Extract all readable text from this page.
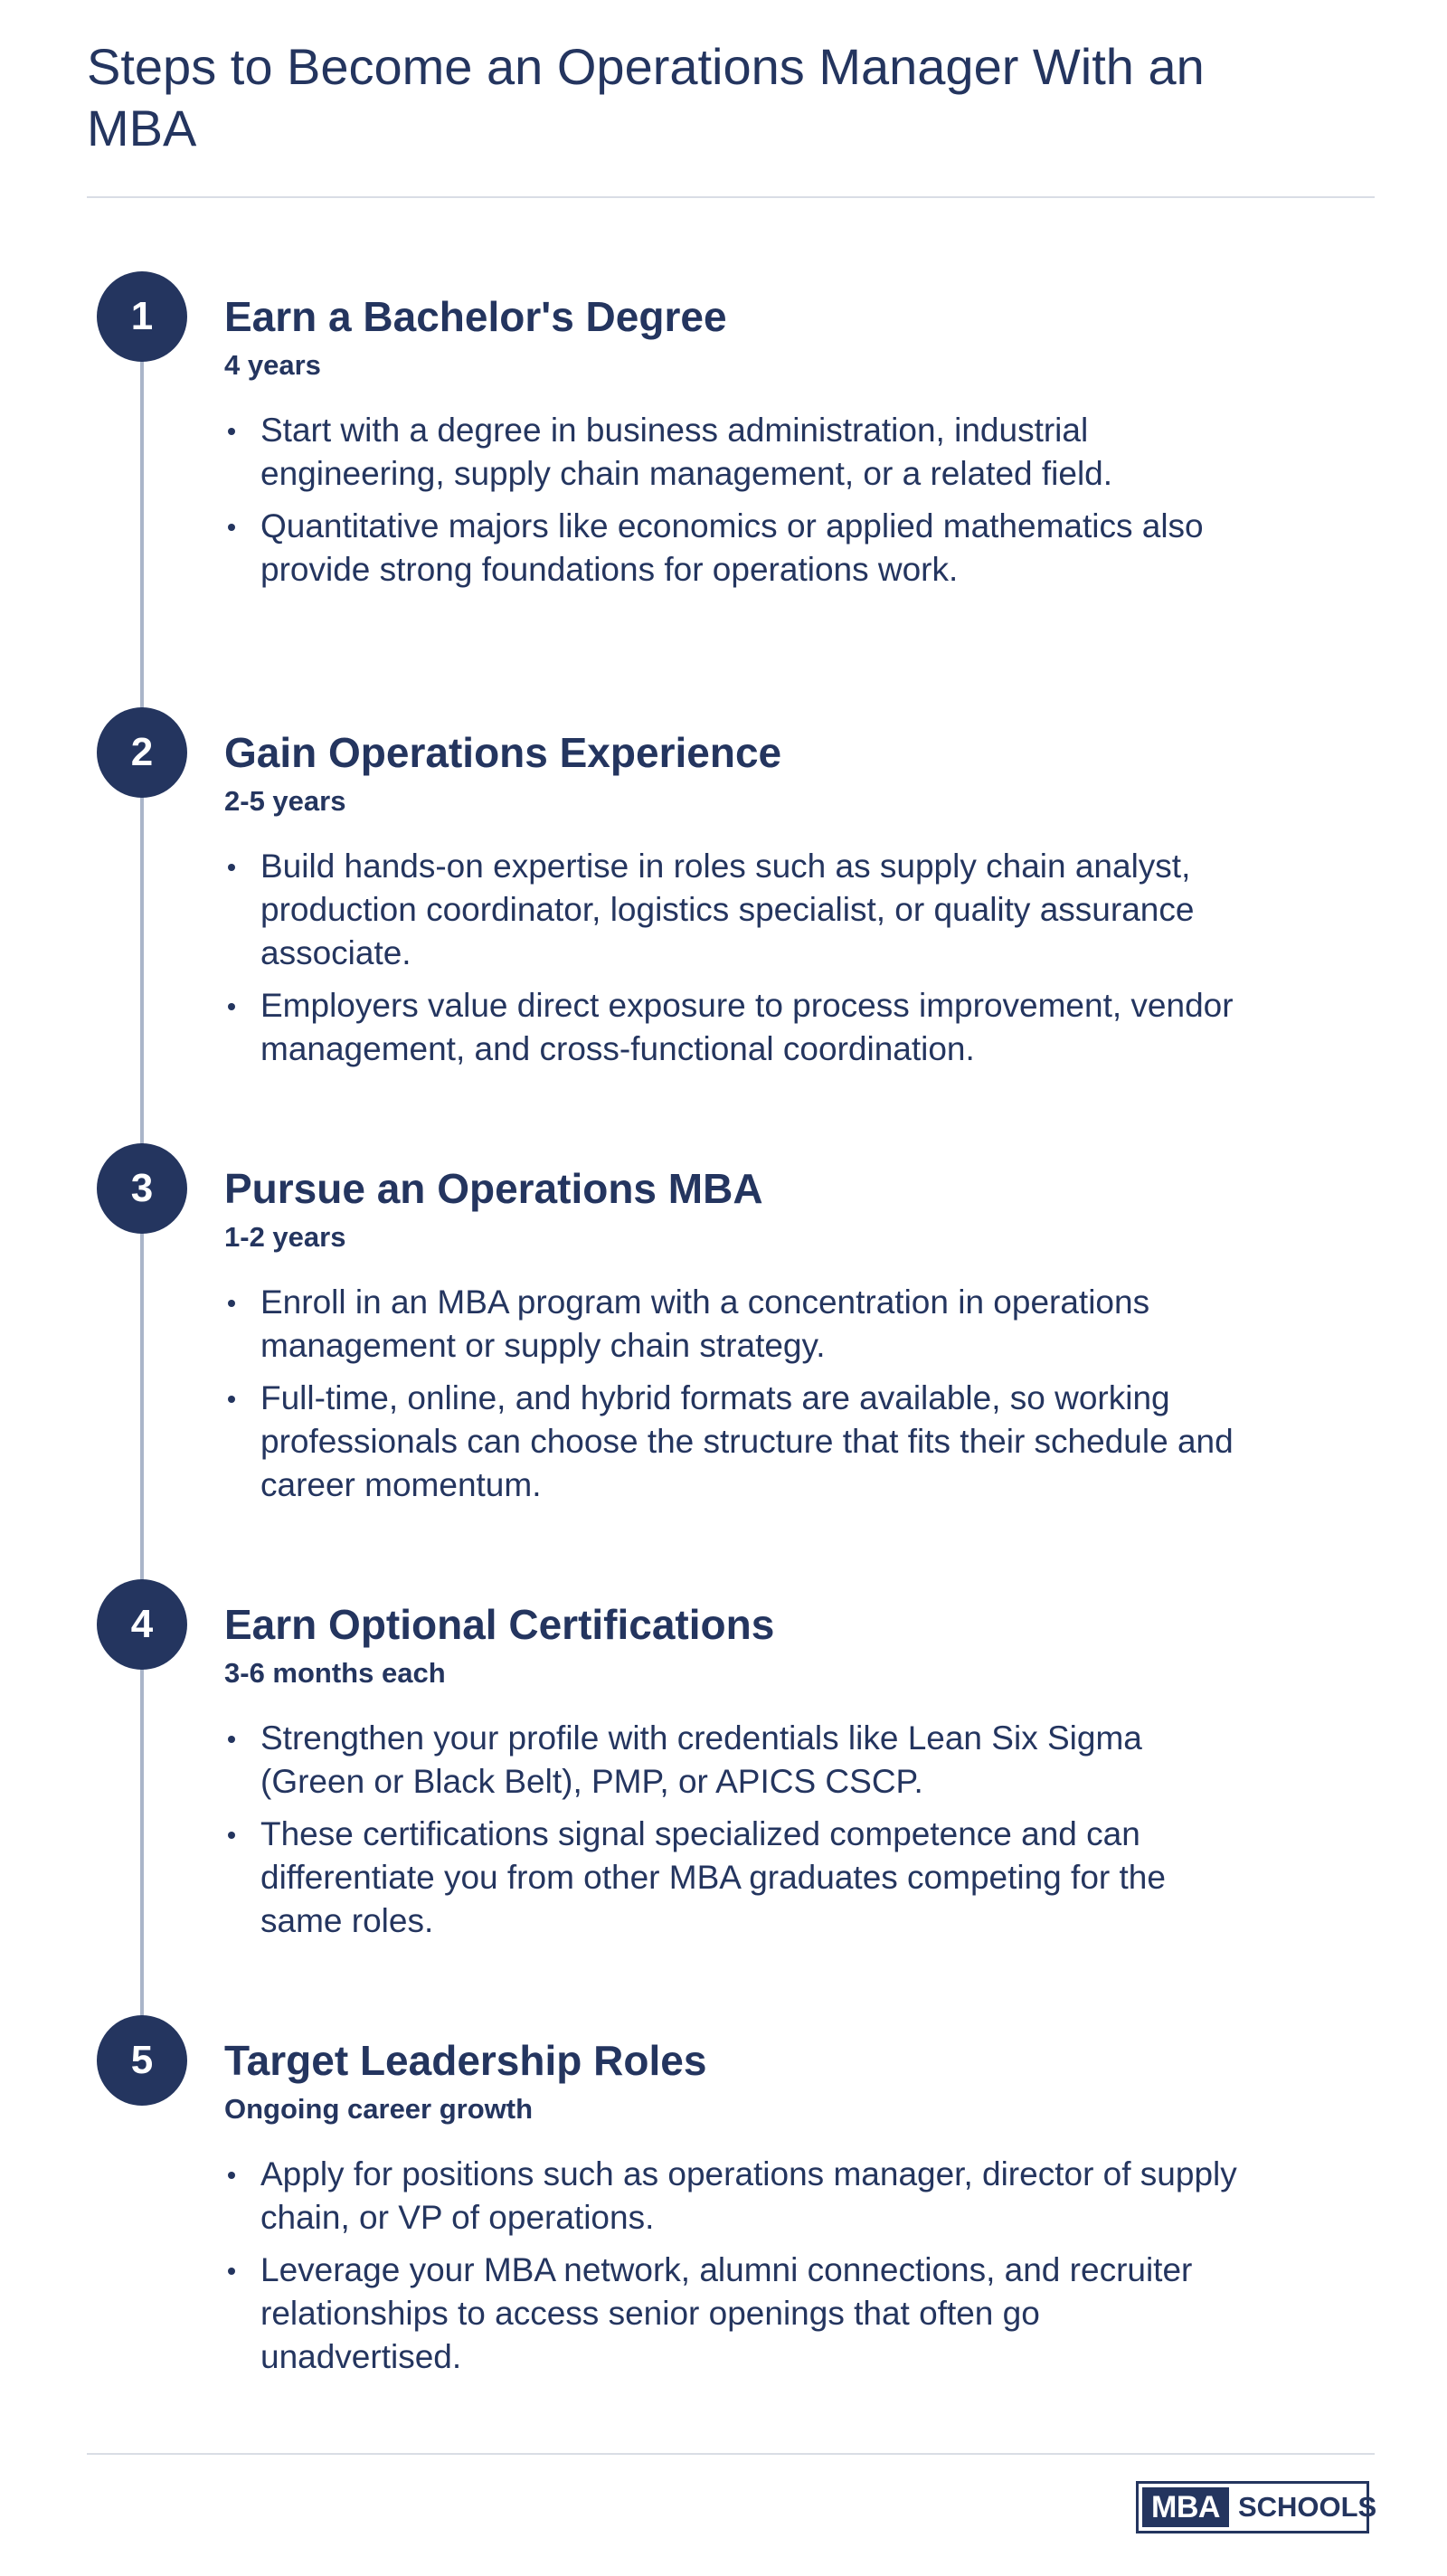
Steps to Become an Operations Manager With an MBA
1	Earn a Bachelor's Degree

4 years

Start with a degree in business administration, industrial engineering, supply chain management, or a related field.
Quantitative majors like economics or applied mathematics also provide strong foundations for operations work.
2	Gain Operations Experience

2-5 years

Build hands-on expertise in roles such as supply chain analyst, production coordinator, logistics specialist, or quality assurance associate.
Employers value direct exposure to process improvement, vendor management, and cross-functional coordination.
3	Pursue an Operations MBA

1-2 years

Enroll in an MBA program with a concentration in operations management or supply chain strategy.
Full-time, online, and hybrid formats are available, so working professionals can choose the structure that fits their schedule and career momentum.
4	Earn Optional Certifications

3-6 months each

Strengthen your profile with credentials like Lean Six Sigma (Green or Black Belt), PMP, or APICS CSCP.
These certifications signal specialized competence and can differentiate you from other MBA graduates competing for the same roles.
5	Target Leadership Roles

Ongoing career growth

Apply for positions such as operations manager, director of supply chain, or VP of operations.
Leverage your MBA network, alumni connections, and recruiter relationships to access senior openings that often go unadvertised.
MBA SCHOOLS
